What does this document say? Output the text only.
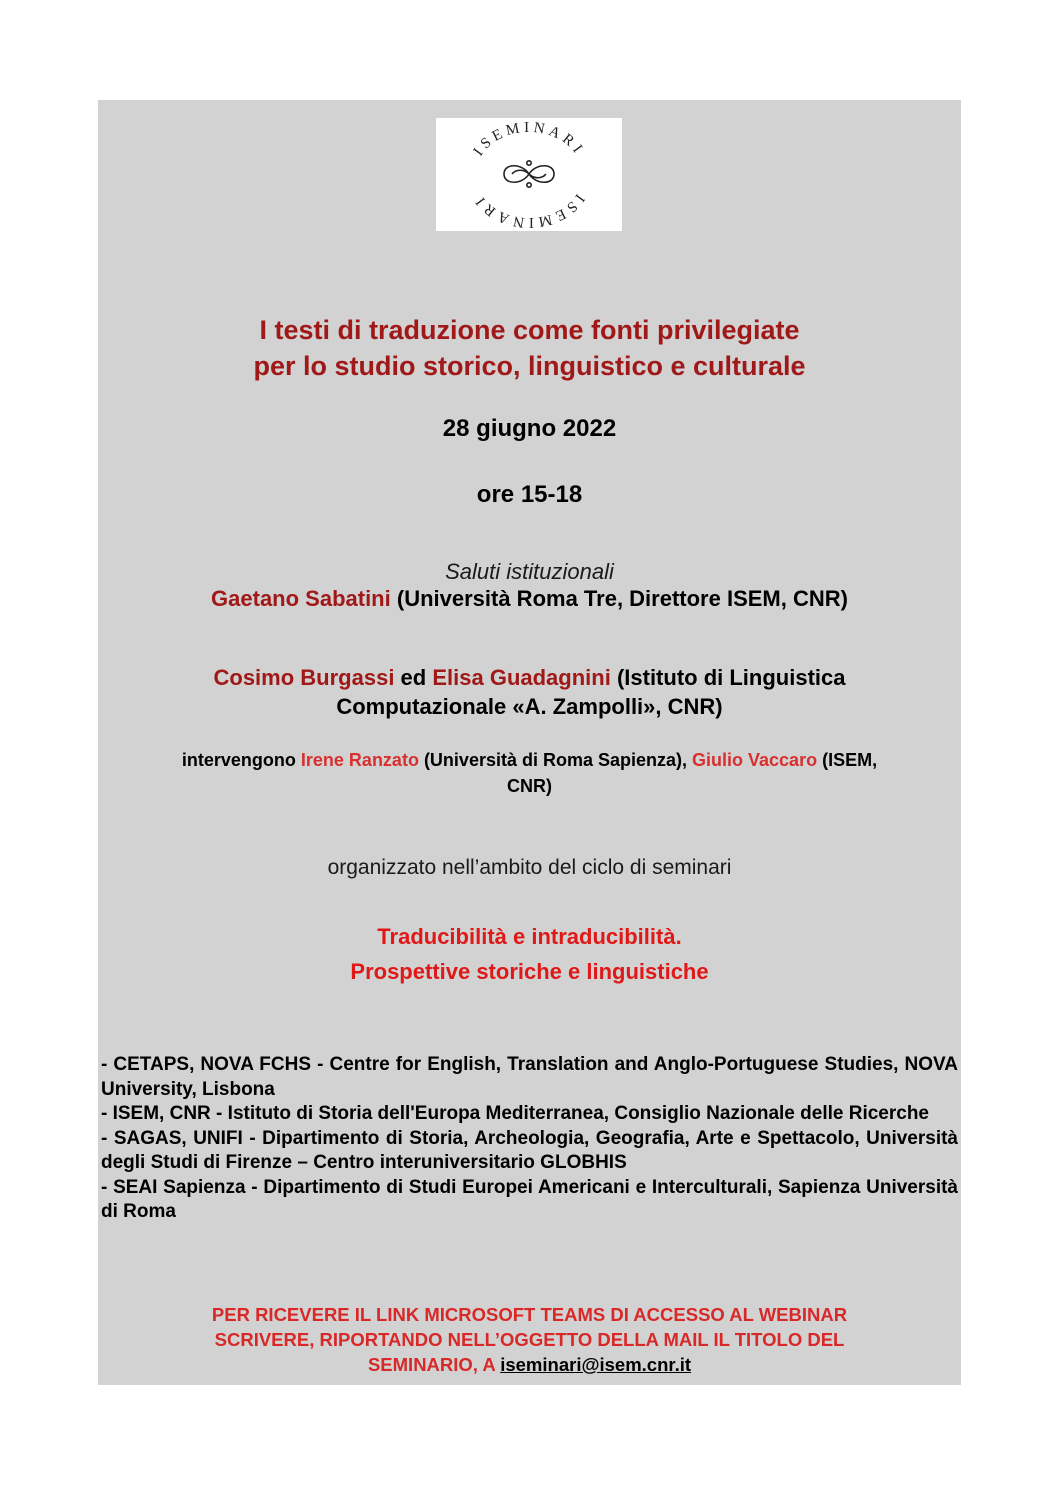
ISEMINARI
ISEMINARI
I testi di traduzione come fonti privilegiate
per lo studio storico, linguistico e culturale
28 giugno 2022
ore 15-18
Saluti istituzionali
Gaetano Sabatini (Università Roma Tre, Direttore ISEM, CNR)
Cosimo Burgassi ed Elisa Guadagnini (Istituto di Linguistica
Computazionale «A. Zampolli», CNR)
intervengono Irene Ranzato (Università di Roma Sapienza), Giulio Vaccaro (ISEM,
CNR)
organizzato nell’ambito del ciclo di seminari
Traducibilità e intraducibilità.
Prospettive storiche e linguistiche

- CETAPS, NOVA FCHS - Centre for English, Translation and Anglo-Portuguese Studies, NOVA University, Lisbona

- ISEM, CNR - Istituto di Storia dell'Europa Mediterranea, Consiglio Nazionale delle Ricerche

- SAGAS, UNIFI - Dipartimento di Storia, Archeologia, Geografia, Arte e Spettacolo, Università degli Studi di Firenze – Centro interuniversitario GLOBHIS

- SEAI Sapienza - Dipartimento di Studi Europei Americani e Interculturali, Sapienza Università di Roma

PER RICEVERE IL LINK MICROSOFT TEAMS DI ACCESSO AL WEBINAR
SCRIVERE, RIPORTANDO NELL’OGGETTO DELLA MAIL IL TITOLO DEL
SEMINARIO, A iseminari@isem.cnr.it
